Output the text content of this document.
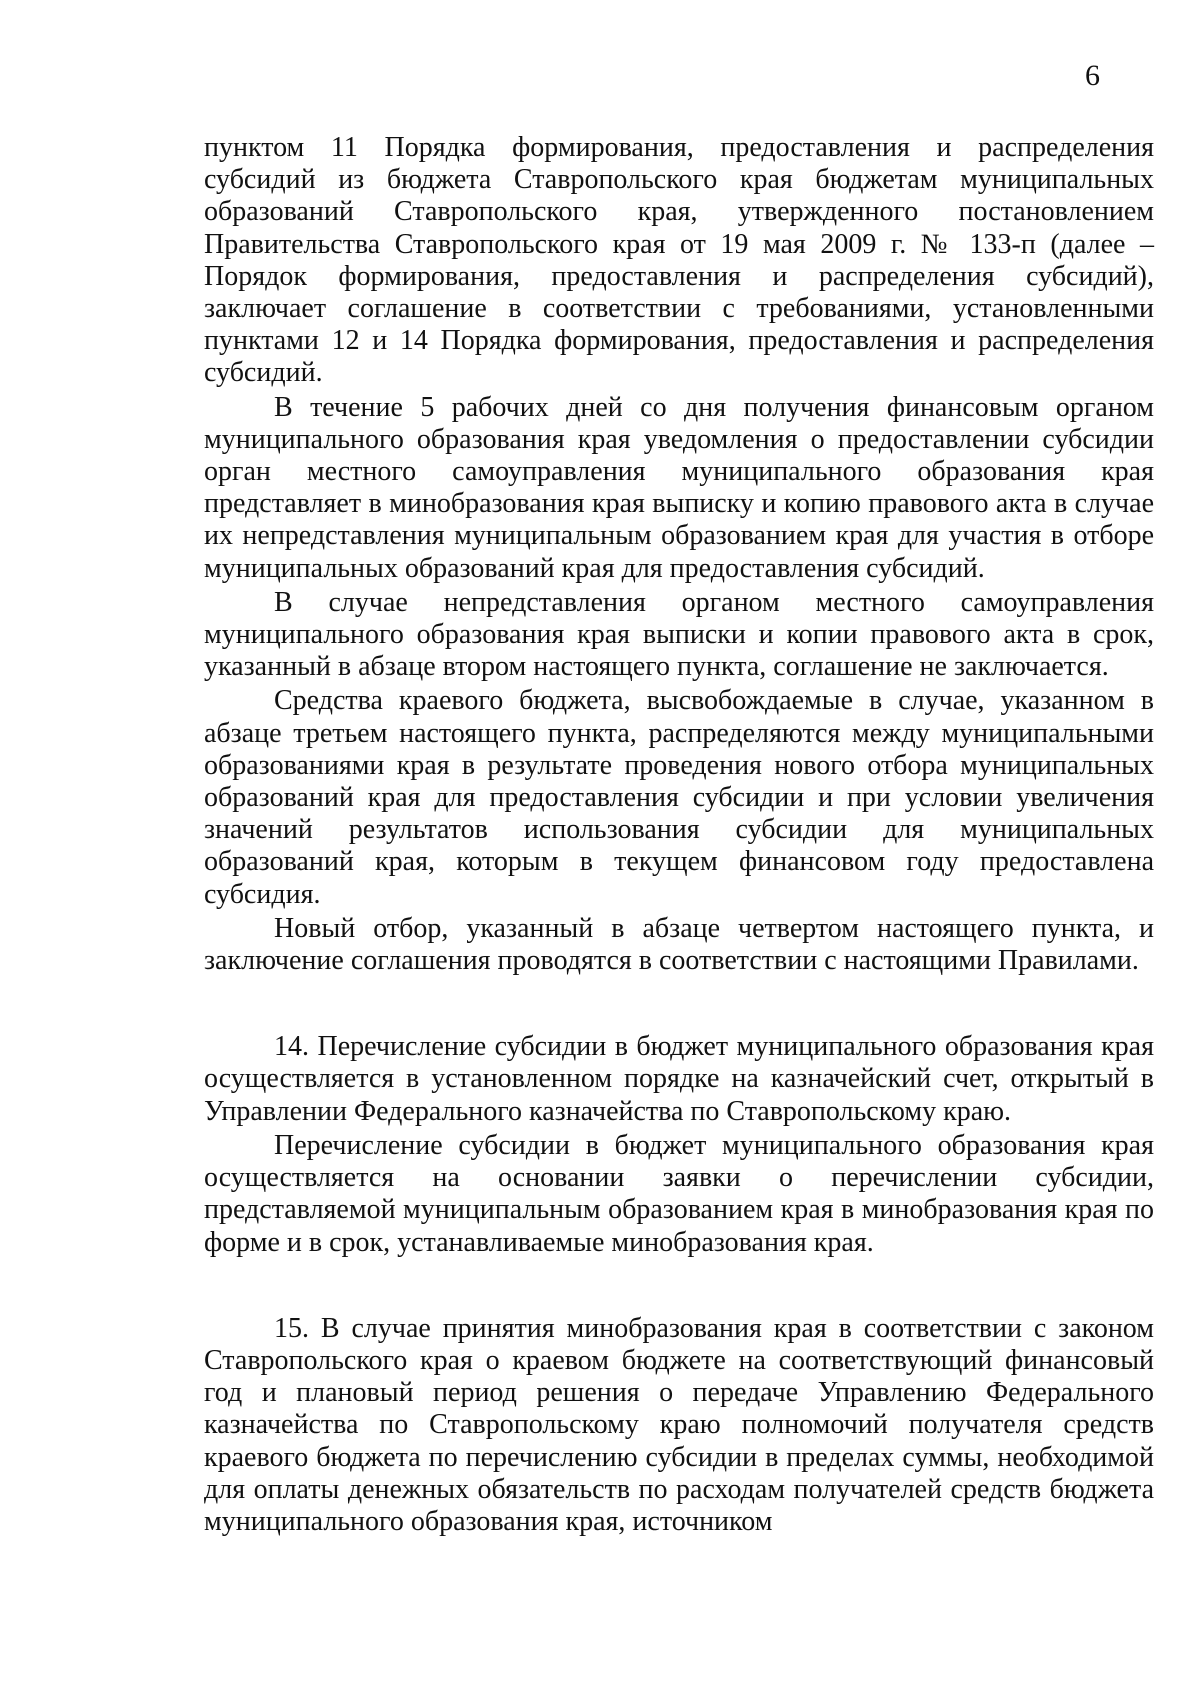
6

пунктом 11 Порядка формирования, предоставления и распределения субсидий из бюджета Ставропольского края бюджетам муниципальных образований Ставропольского края, утвержденного постановлением Правительства Ставропольского края от 19 мая 2009 г. № 133-п (далее – Порядок формирования, предоставления и распределения субсидий), заключает соглашение в соответствии с требованиями, установленными пунктами 12 и 14 Порядка формирования, предоставления и распределения субсидий.

В течение 5 рабочих дней со дня получения финансовым органом муниципального образования края уведомления о предоставлении субсидии орган местного самоуправления муниципального образования края представляет в минобразования края выписку и копию правового акта в случае их непредставления муниципальным образованием края для участия в отборе муниципальных образований края для предоставления субсидий.

В случае непредставления органом местного самоуправления муниципального образования края выписки и копии правового акта в срок, указанный в абзаце втором настоящего пункта, соглашение не заключается.

Средства краевого бюджета, высвобождаемые в случае, указанном в абзаце третьем настоящего пункта, распределяются между муниципальными образованиями края в результате проведения нового отбора муниципальных образований края для предоставления субсидии и при условии увеличения значений результатов использования субсидии для муниципальных образований края, которым в текущем финансовом году предоставлена субсидия.

Новый отбор, указанный в абзаце четвертом настоящего пункта, и заключение соглашения проводятся в соответствии с настоящими Правилами.

14. Перечисление субсидии в бюджет муниципального образования края осуществляется в установленном порядке на казначейский счет, открытый в Управлении Федерального казначейства по Ставропольскому краю.

Перечисление субсидии в бюджет муниципального образования края осуществляется на основании заявки о перечислении субсидии, представляемой муниципальным образованием края в минобразования края по форме и в срок, устанавливаемые минобразования края.

15. В случае принятия минобразования края в соответствии с законом Ставропольского края о краевом бюджете на соответствующий финансовый год и плановый период решения о передаче Управлению Федерального казначейства по Ставропольскому краю полномочий получателя средств краевого бюджета по перечислению субсидии в пределах суммы, необходимой для оплаты денежных обязательств по расходам получателей средств бюджета муниципального образования края, источником
